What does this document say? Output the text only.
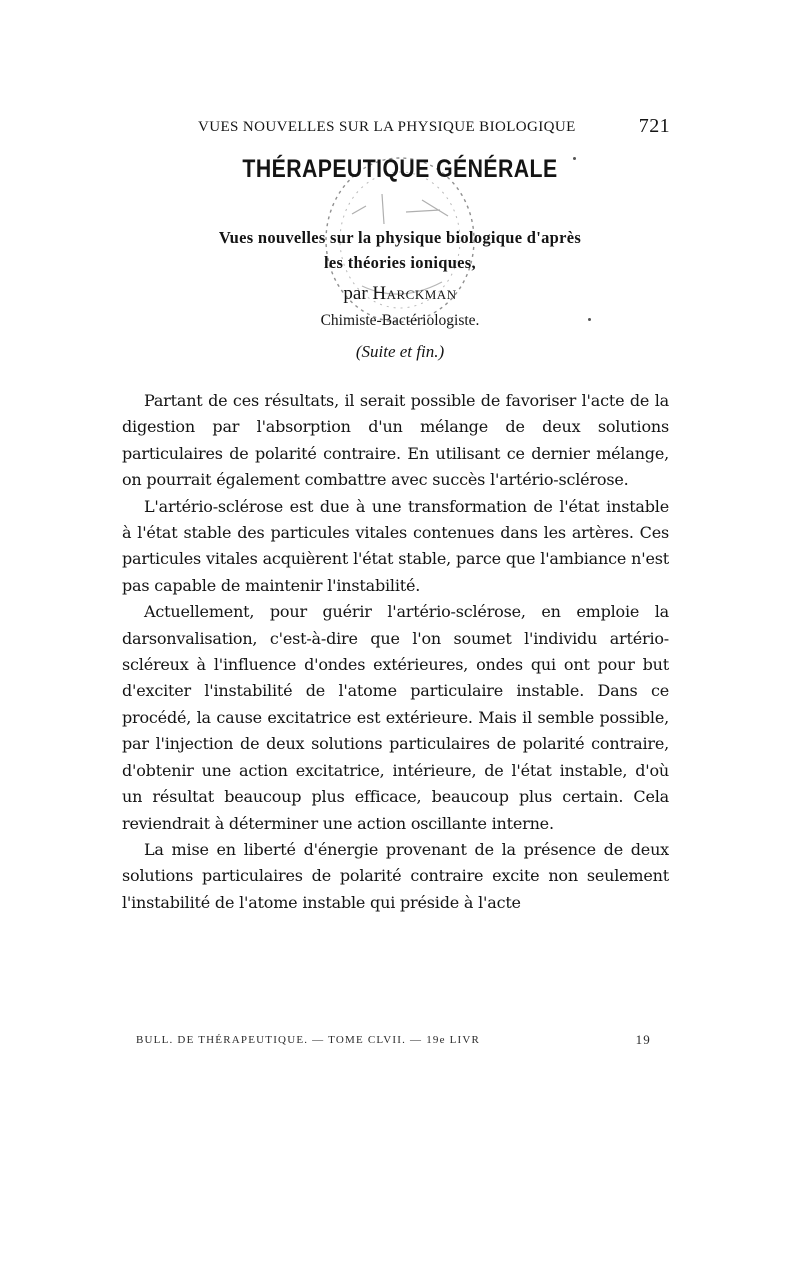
VUES NOUVELLES SUR LA PHYSIQUE BIOLOGIQUE	721
THÉRAPEUTIQUE GÉNÉRALE
Vues nouvelles sur la physique biologique d'après
les théories ioniques,
par Harckman
Chimiste-Bactériologiste.
(Suite et fin.)

Partant de ces résultats, il serait possible de favoriser l'acte de la digestion par l'absorption d'un mélange de deux solutions particulaires de polarité contraire. En utilisant ce dernier mélange, on pourrait également combattre avec succès l'artério-sclérose.

L'artério-sclérose est due à une transformation de l'état instable à l'état stable des particules vitales contenues dans les artères. Ces particules vitales acquièrent l'état stable, parce que l'ambiance n'est pas capable de maintenir l'instabilité.

Actuellement, pour guérir l'artério-sclérose, en emploie la darsonvalisation, c'est-à-dire que l'on soumet l'individu artério-scléreux à l'influence d'ondes extérieures, ondes qui ont pour but d'exciter l'instabilité de l'atome particulaire instable. Dans ce procédé, la cause excitatrice est extérieure. Mais il semble possible, par l'injection de deux solutions particulaires de polarité contraire, d'obtenir une action excitatrice, intérieure, de l'état instable, d'où un résultat beaucoup plus efficace, beaucoup plus certain. Cela reviendrait à déterminer une action oscillante interne.

La mise en liberté d'énergie provenant de la présence de deux solutions particulaires de polarité contraire excite non seulement l'instabilité de l'atome instable qui préside à l'acte

BULL. DE THÉRAPEUTIQUE. — TOME CLVII. — 19e LIVR	19
